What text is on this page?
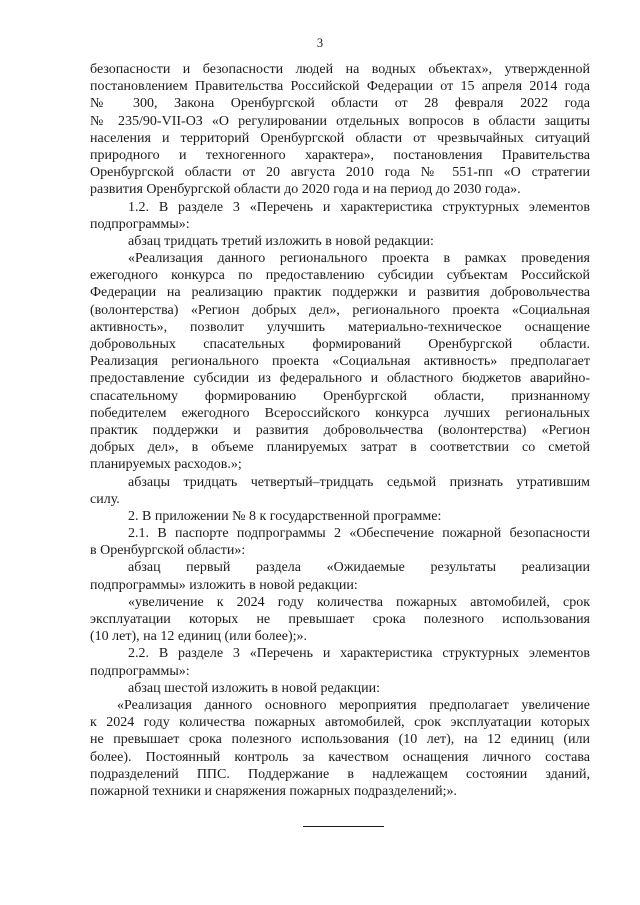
3
безопасности и безопасности людей на водных объектах», утвержденной
постановлением Правительства Российской Федерации от 15 апреля 2014 года
№ 300, Закона Оренбургской области от 28 февраля 2022 года
№ 235/90-VII-ОЗ «О регулировании отдельных вопросов в области защиты
населения и территорий Оренбургской области от чрезвычайных ситуаций
природного и техногенного характера», постановления Правительства
Оренбургской области от 20 августа 2010 года № 551-пп «О стратегии
развития Оренбургской области до 2020 года и на период до 2030 года».
1.2. В разделе 3 «Перечень и характеристика структурных элементов
подпрограммы»:
абзац тридцать третий изложить в новой редакции:
«Реализация данного регионального проекта в рамках проведения
ежегодного конкурса по предоставлению субсидии субъектам Российской
Федерации на реализацию практик поддержки и развития добровольчества
(волонтерства) «Регион добрых дел», регионального проекта «Социальная
активность», позволит улучшить материально-техническое оснащение
добровольных спасательных формирований Оренбургской области.
Реализация регионального проекта «Социальная активность» предполагает
предоставление субсидии из федерального и областного бюджетов аварийно-
спасательному формированию Оренбургской области, признанному
победителем ежегодного Всероссийского конкурса лучших региональных
практик поддержки и развития добровольчества (волонтерства) «Регион
добрых дел», в объеме планируемых затрат в соответствии со сметой
планируемых расходов.»;
абзацы тридцать четвертый–тридцать седьмой признать утратившим
силу.
2. В приложении № 8 к государственной программе:
2.1. В паспорте подпрограммы 2 «Обеспечение пожарной безопасности
в Оренбургской области»:
абзац первый раздела «Ожидаемые результаты реализации
подпрограммы» изложить в новой редакции:
«увеличение к 2024 году количества пожарных автомобилей, срок
эксплуатации которых не превышает срока полезного использования
(10 лет), на 12 единиц (или более);».
2.2. В разделе 3 «Перечень и характеристика структурных элементов
подпрограммы»:
абзац шестой изложить в новой редакции:
«Реализация данного основного мероприятия предполагает увеличение
к 2024 году количества пожарных автомобилей, срок эксплуатации которых
не превышает срока полезного использования (10 лет), на 12 единиц (или
более). Постоянный контроль за качеством оснащения личного состава
подразделений ППС. Поддержание в надлежащем состоянии зданий,
пожарной техники и снаряжения пожарных подразделений;».
